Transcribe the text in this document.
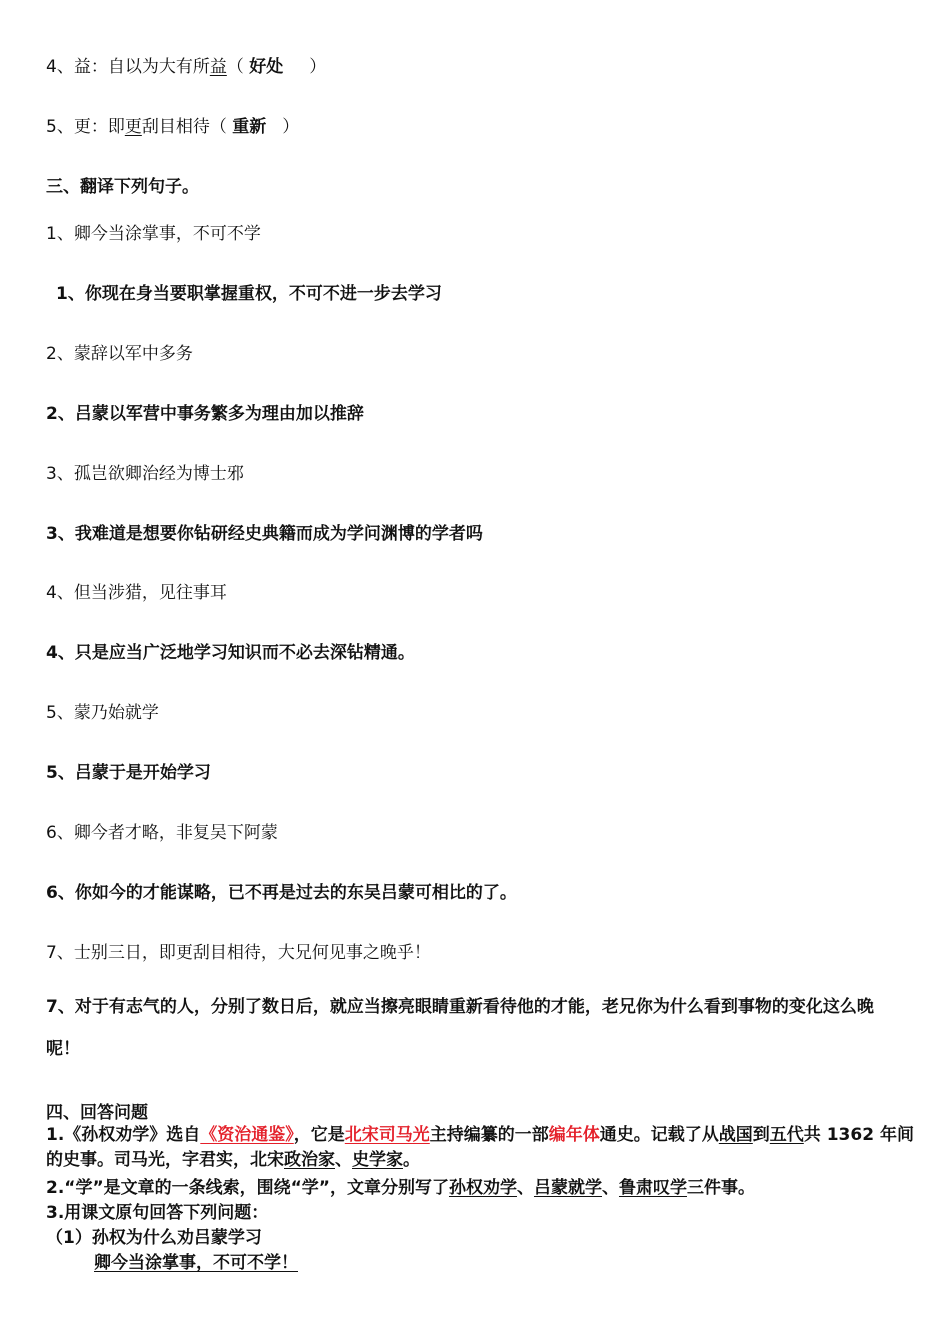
4、益：自以为大有所益（ 好处 ）
5、更：即更刮目相待（ 重新 ）
三、翻译下列句子。
1、卿今当涂掌事，不可不学
1、你现在身当要职掌握重权，不可不进一步去学习
2、蒙辞以军中多务
2、吕蒙以军营中事务繁多为理由加以推辞
3、孤岂欲卿治经为博士邪
3、我难道是想要你钻研经史典籍而成为学问渊博的学者吗
4、但当涉猎，见往事耳
4、只是应当广泛地学习知识而不必去深钻精通。
5、蒙乃始就学
5、吕蒙于是开始学习
6、卿今者才略，非复吴下阿蒙
6、你如今的才能谋略，已不再是过去的东吴吕蒙可相比的了。
7、士别三日，即更刮目相待，大兄何见事之晚乎！
7、对于有志气的人，分别了数日后，就应当擦亮眼睛重新看待他的才能，老兄你为什么看到事物的变化这么晚呢！
四、回答问题
1.《孙权劝学》选自《资治通鉴》，它是北宋司马光主持编纂的一部编年体通史。记载了从战国到五代共 1362 年间的史事。司马光，字君实，北宋政治家、史学家。
2.“学”是文章的一条线索，围绕“学”，文章分别写了孙权劝学、吕蒙就学、鲁肃叹学三件事。
3.用课文原句回答下列问题：
（1）孙权为什么劝吕蒙学习
卿今当涂掌事，不可不学！
